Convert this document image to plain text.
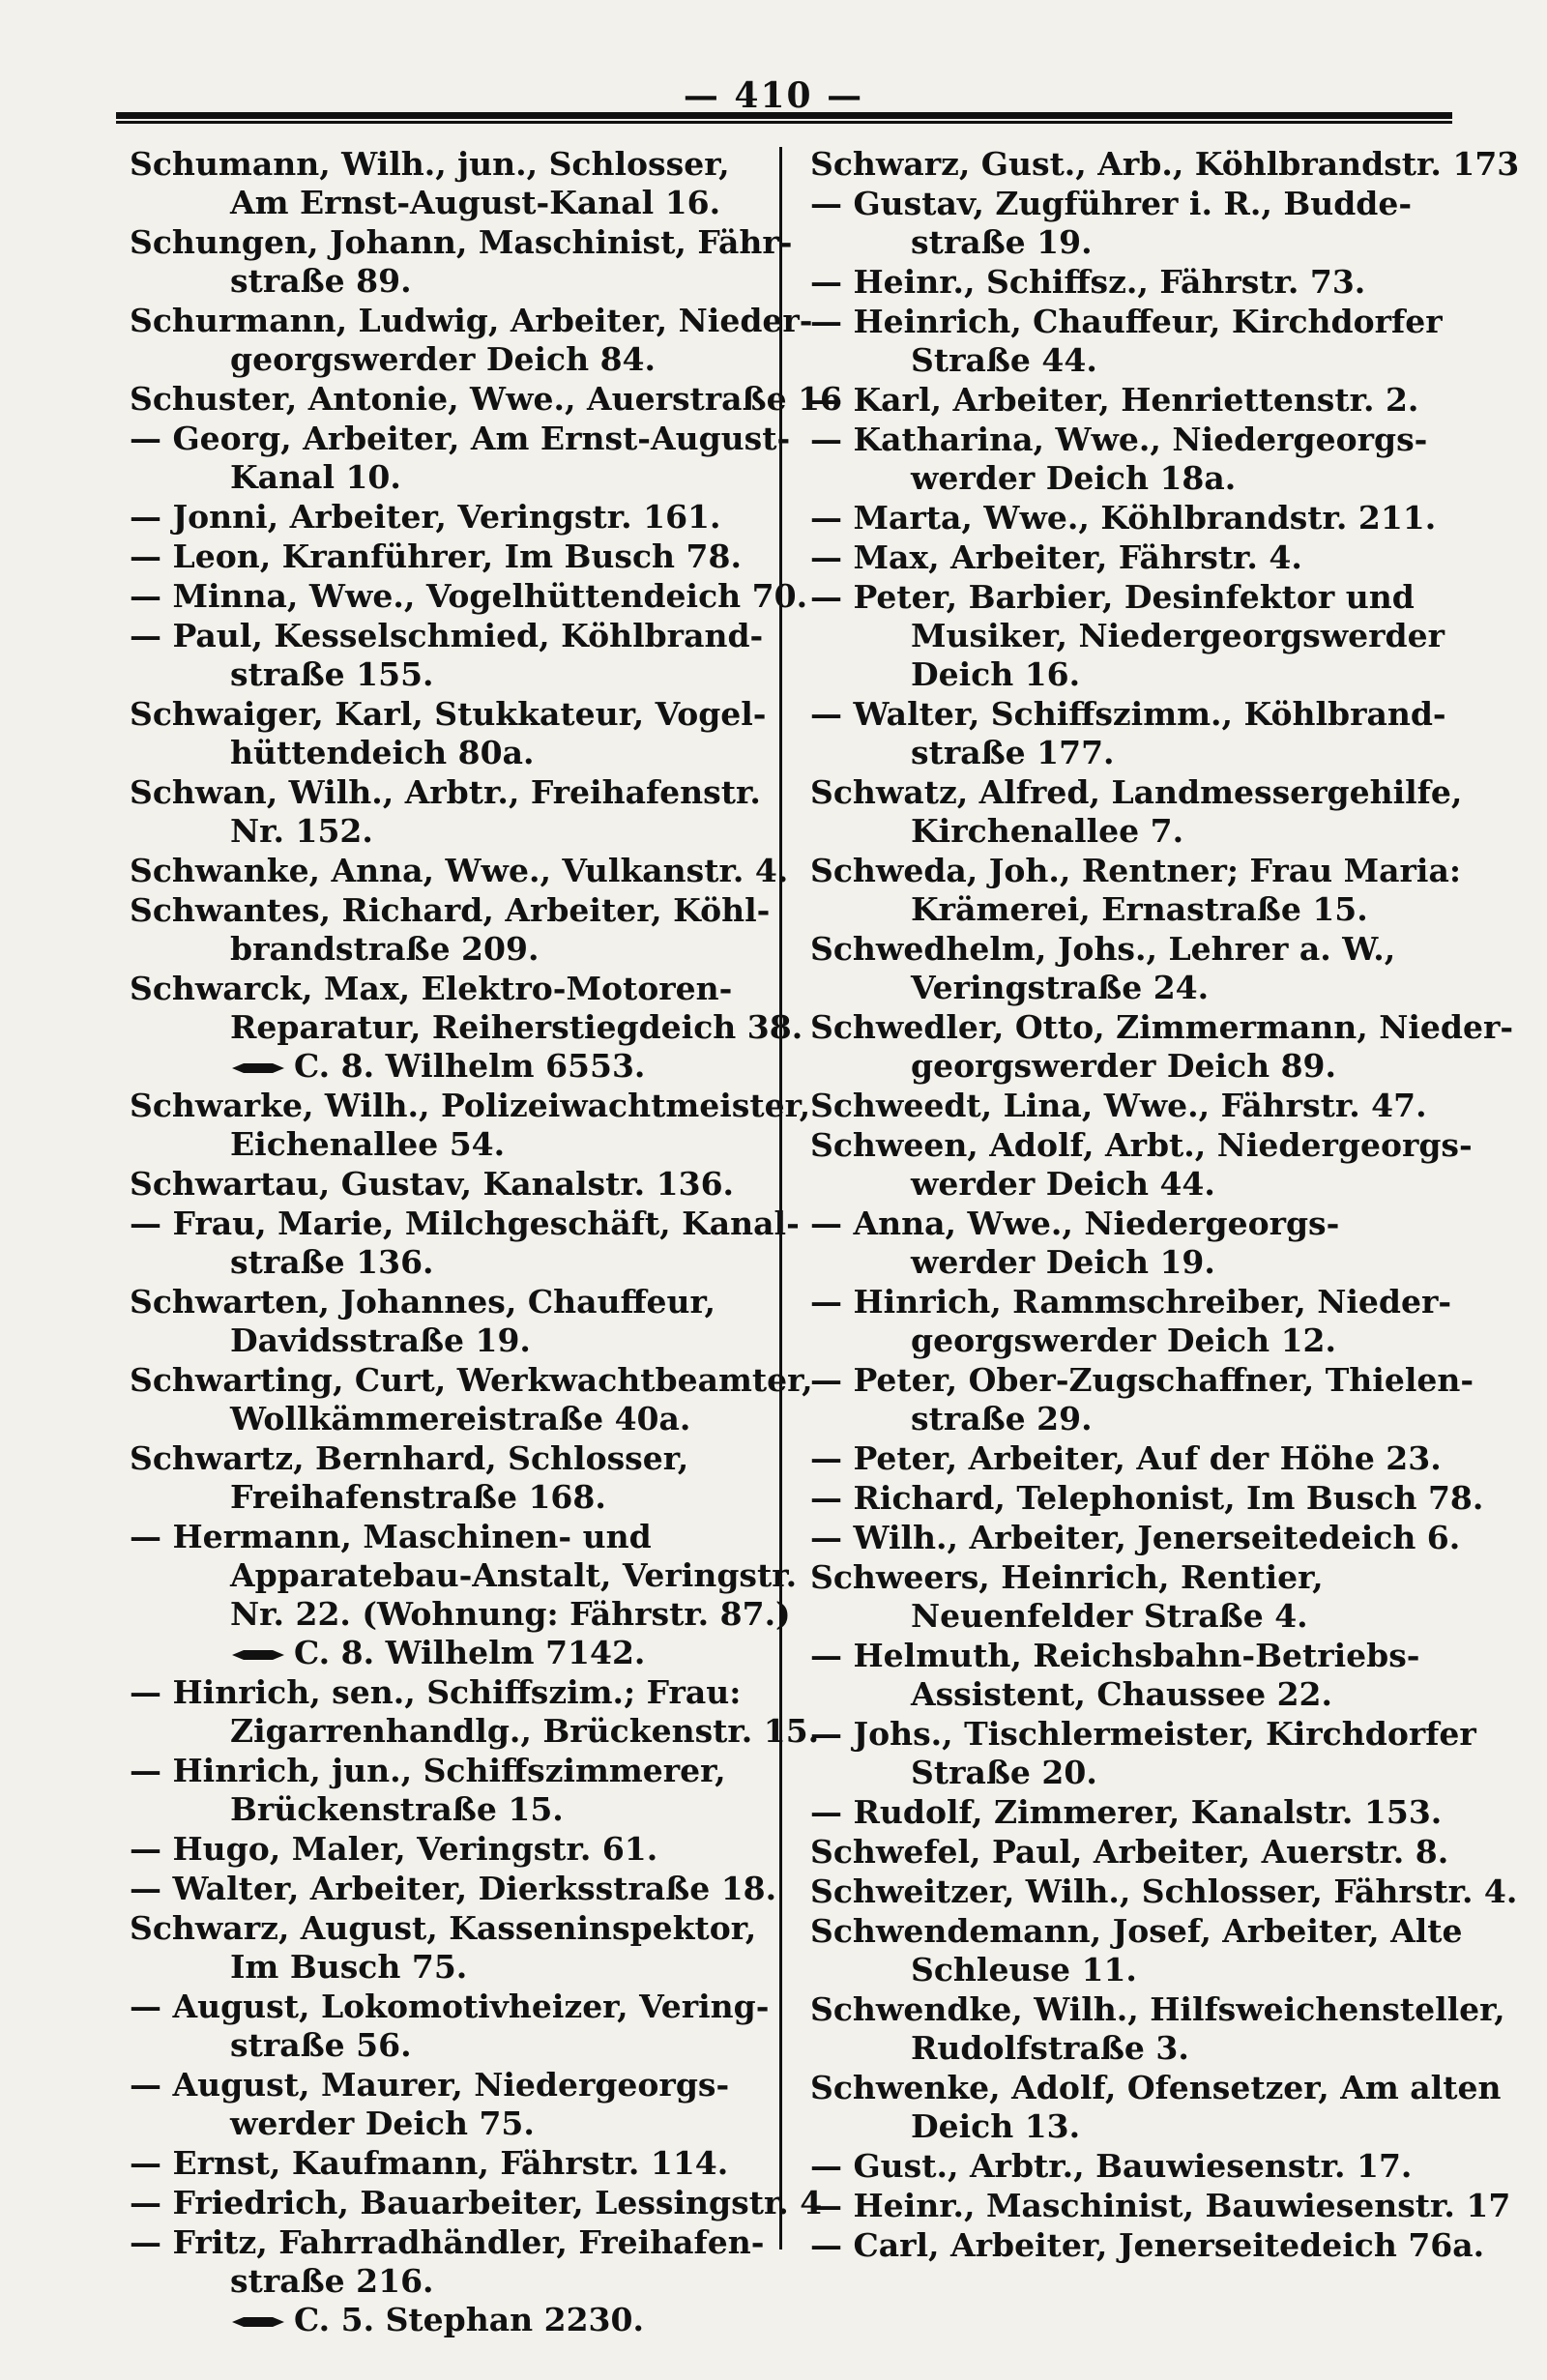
— 410 —
Schumann, Wilh., jun., Schlosser,
Am Ernst-August-Kanal 16.
Schungen, Johann, Maschinist, Fähr-
straße 89.
Schurmann, Ludwig, Arbeiter, Nieder-
georgswerder Deich 84.
Schuster, Antonie, Wwe., Auerstraße 16
— Georg, Arbeiter, Am Ernst-August-
Kanal 10.
— Jonni, Arbeiter, Veringstr. 161.
— Leon, Kranführer, Im Busch 78.
— Minna, Wwe., Vogelhüttendeich 70.
— Paul, Kesselschmied, Köhlbrand-
straße 155.
Schwaiger, Karl, Stukkateur, Vogel-
hüttendeich 80a.
Schwan, Wilh., Arbtr., Freihafenstr.
Nr. 152.
Schwanke, Anna, Wwe., Vulkanstr. 4.
Schwantes, Richard, Arbeiter, Köhl-
brandstraße 209.
Schwarck, Max, Elektro-Motoren-
Reparatur, Reiherstiegdeich 38.
C. 8. Wilhelm 6553.
Schwarke, Wilh., Polizeiwachtmeister,
Eichenallee 54.
Schwartau, Gustav, Kanalstr. 136.
— Frau, Marie, Milchgeschäft, Kanal-
straße 136.
Schwarten, Johannes, Chauffeur,
Davidsstraße 19.
Schwarting, Curt, Werkwachtbeamter,
Wollkämmereistraße 40a.
Schwartz, Bernhard, Schlosser,
Freihafenstraße 168.
— Hermann, Maschinen- und
Apparatebau-Anstalt, Veringstr.
Nr. 22. (Wohnung: Fährstr. 87.)
C. 8. Wilhelm 7142.
— Hinrich, sen., Schiffszim.; Frau:
Zigarrenhandlg., Brückenstr. 15.
— Hinrich, jun., Schiffszimmerer,
Brückenstraße 15.
— Hugo, Maler, Veringstr. 61.
— Walter, Arbeiter, Dierksstraße 18.
Schwarz, August, Kasseninspektor,
Im Busch 75.
— August, Lokomotivheizer, Vering-
straße 56.
— August, Maurer, Niedergeorgs-
werder Deich 75.
— Ernst, Kaufmann, Fährstr. 114.
— Friedrich, Bauarbeiter, Lessingstr. 4
— Fritz, Fahrradhändler, Freihafen-
straße 216.
C. 5. Stephan 2230.
Schwarz, Gust., Arb., Köhlbrandstr. 173
— Gustav, Zugführer i. R., Budde-
straße 19.
— Heinr., Schiffsz., Fährstr. 73.
— Heinrich, Chauffeur, Kirchdorfer
Straße 44.
— Karl, Arbeiter, Henriettenstr. 2.
— Katharina, Wwe., Niedergeorgs-
werder Deich 18a.
— Marta, Wwe., Köhlbrandstr. 211.
— Max, Arbeiter, Fährstr. 4.
— Peter, Barbier, Desinfektor und
Musiker, Niedergeorgswerder
Deich 16.
— Walter, Schiffszimm., Köhlbrand-
straße 177.
Schwatz, Alfred, Landmessergehilfe,
Kirchenallee 7.
Schweda, Joh., Rentner; Frau Maria:
Krämerei, Ernastraße 15.
Schwedhelm, Johs., Lehrer a. W.,
Veringstraße 24.
Schwedler, Otto, Zimmermann, Nieder-
georgswerder Deich 89.
Schweedt, Lina, Wwe., Fährstr. 47.
Schween, Adolf, Arbt., Niedergeorgs-
werder Deich 44.
— Anna, Wwe., Niedergeorgs-
werder Deich 19.
— Hinrich, Rammschreiber, Nieder-
georgswerder Deich 12.
— Peter, Ober-Zugschaffner, Thielen-
straße 29.
— Peter, Arbeiter, Auf der Höhe 23.
— Richard, Telephonist, Im Busch 78.
— Wilh., Arbeiter, Jenerseitedeich 6.
Schweers, Heinrich, Rentier,
Neuenfelder Straße 4.
— Helmuth, Reichsbahn-Betriebs-
Assistent, Chaussee 22.
— Johs., Tischlermeister, Kirchdorfer
Straße 20.
— Rudolf, Zimmerer, Kanalstr. 153.
Schwefel, Paul, Arbeiter, Auerstr. 8.
Schweitzer, Wilh., Schlosser, Fährstr. 4.
Schwendemann, Josef, Arbeiter, Alte
Schleuse 11.
Schwendke, Wilh., Hilfsweichensteller,
Rudolfstraße 3.
Schwenke, Adolf, Ofensetzer, Am alten
Deich 13.
— Gust., Arbtr., Bauwiesenstr. 17.
— Heinr., Maschinist, Bauwiesenstr. 17
— Carl, Arbeiter, Jenerseitedeich 76a.
